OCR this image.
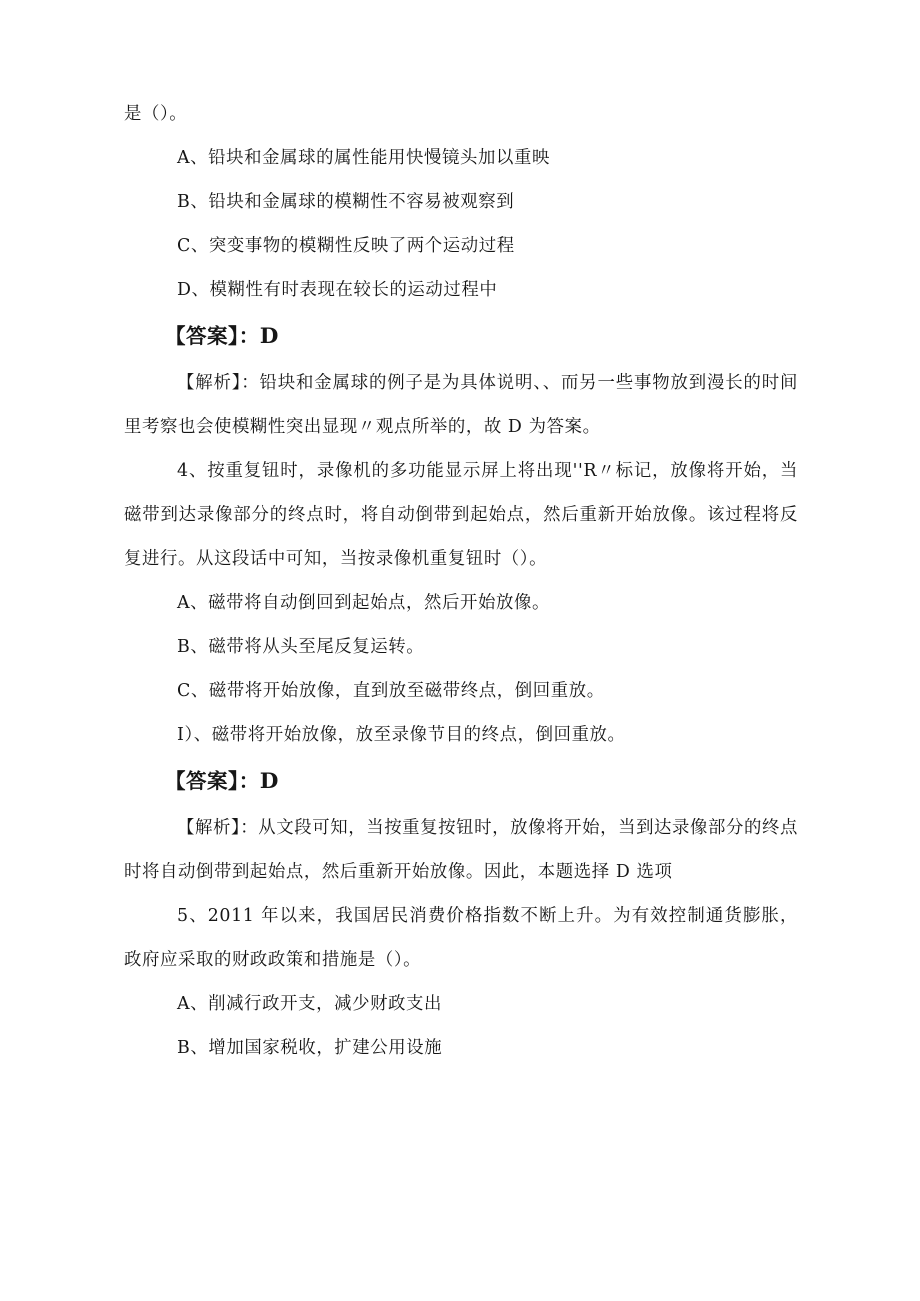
是（）。

A、铅块和金属球的属性能用快慢镜头加以重映

B、铅块和金属球的模糊性不容易被观察到

C、突变事物的模糊性反映了两个运动过程

D、模糊性有时表现在较长的运动过程中

【答案】：D

【解析】：铅块和金属球的例子是为具体说明、、而另一些事物放到漫长的时间里考察也会使模糊性突出显现〃观点所举的，故 D 为答案。

4、按重复钮时，录像机的多功能显示屏上将出现''R〃标记，放像将开始，当磁带到达录像部分的终点时，将自动倒带到起始点，然后重新开始放像。该过程将反复进行。从这段话中可知，当按录像机重复钮时（）。

A、磁带将自动倒回到起始点，然后开始放像。

B、磁带将从头至尾反复运转。

C、磁带将开始放像，直到放至磁带终点，倒回重放。

Ⅰ）、磁带将开始放像，放至录像节目的终点，倒回重放。

【答案】：D

【解析】：从文段可知，当按重复按钮时，放像将开始，当到达录像部分的终点时将自动倒带到起始点，然后重新开始放像。因此，本题选择 D 选项

5、2011 年以来，我国居民消费价格指数不断上升。为有效控制通货膨胀，政府应采取的财政政策和措施是（）。

A、削减行政开支，减少财政支出

B、增加国家税收，扩建公用设施
